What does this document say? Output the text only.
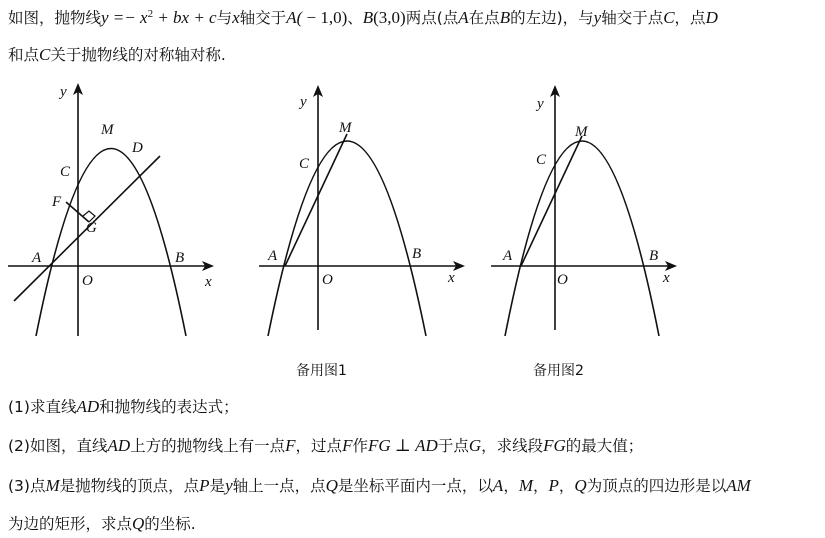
如图，抛物线$y =- x^2$ + bx + c与x轴交于A( − 1,0)、B(3,0)两点(点A在点B的左边)，与y轴交于点C，点D
和点C关于抛物线的对称轴对称.
y
x
O
A	B
C
D
M
F
G
y
x
O
A	B
C
M
备用图1
y
x
O
A	B
C
M
备用图2
(1)求直线AD和抛物线的表达式；
(2)如图，直线AD上方的抛物线上有一点F，过点F作FG ⊥ AD于点G，求线段FG的最大值；
(3)点M是抛物线的顶点，点P是y轴上一点，点Q是坐标平面内一点，以A，M，P，Q为顶点的四边形是以AM
为边的矩形，求点Q的坐标.
